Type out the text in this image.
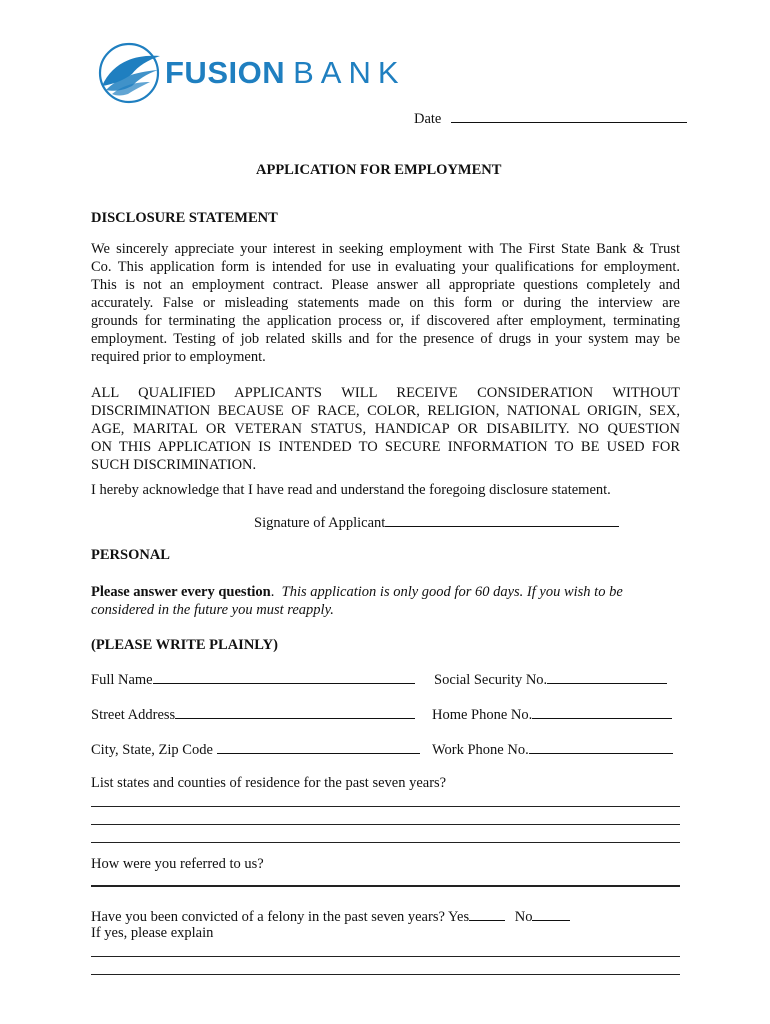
FUSION BANK
Date
APPLICATION FOR EMPLOYMENT
DISCLOSURE STATEMENT
We sincerely appreciate your interest in seeking employment with The First State Bank & Trust
Co. This application form is intended for use in evaluating your qualifications for employment.
This is not an employment contract. Please answer all appropriate questions completely and
accurately. False or misleading statements made on this form or during the interview are
grounds for terminating the application process or, if discovered after employment, terminating
employment. Testing of job related skills and for the presence of drugs in your system may be
required prior to employment.
ALL QUALIFIED APPLICANTS WILL RECEIVE CONSIDERATION WITHOUT
DISCRIMINATION BECAUSE OF RACE, COLOR, RELIGION, NATIONAL ORIGIN, SEX,
AGE, MARITAL OR VETERAN STATUS, HANDICAP OR DISABILITY. NO QUESTION
ON THIS APPLICATION IS INTENDED TO SECURE INFORMATION TO BE USED FOR
SUCH DISCRIMINATION.
I hereby acknowledge that I have read and understand the foregoing disclosure statement.
Signature of Applicant
PERSONAL
Please answer every question.  This application is only good for 60 days. If you wish to be
considered in the future you must reapply.
(PLEASE WRITE PLAINLY)
Full Name	Social Security No.
Street Address	Home Phone No.
City, State, Zip Code	Work Phone No.
List states and counties of residence for the past seven years?
How were you referred to us?
Have you been convicted of a felony in the past seven years? Yes	No
If yes, please explain
